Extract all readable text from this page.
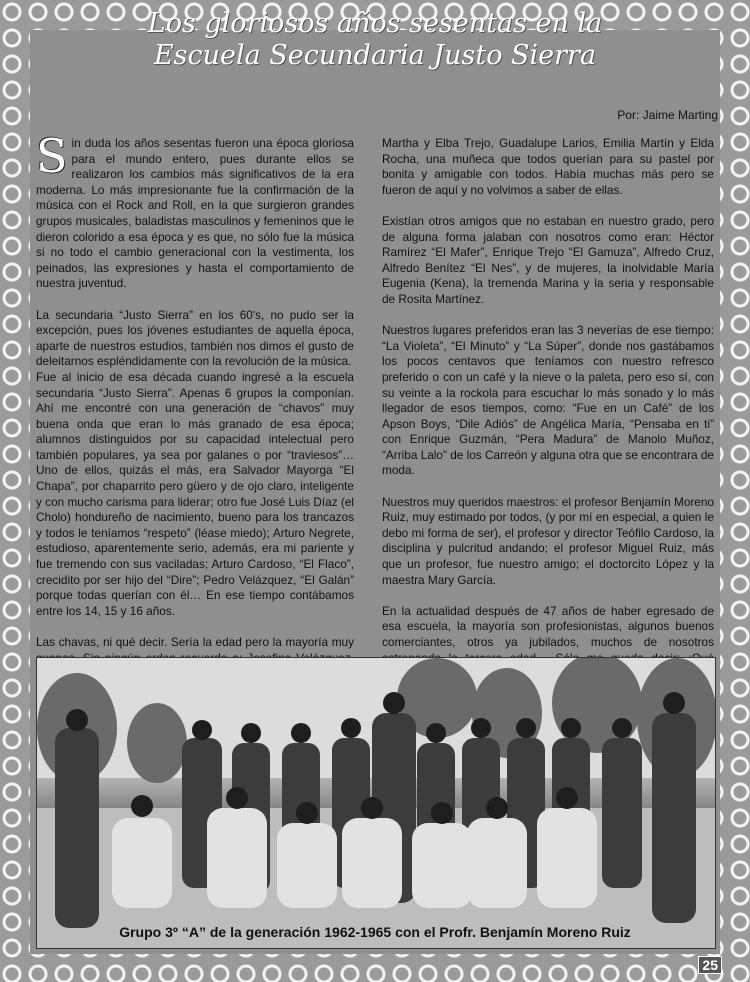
Los gloriosos años sesentas en la
Escuela Secundaria Justo Sierra
Por: Jaime Marting

Sin duda los años sesentas fueron una época gloriosa para el mundo entero, pues durante ellos se realizaron los cambios más significativos de la era moderna. Lo más impresionante fue la confirmación de la música con el Rock and Roll, en la que surgieron grandes grupos musicales, baladistas masculinos y femeninos que le dieron colorido a esa época y es que, no sólo fue la música si no todo el cambio generacional con la vestimenta, los peinados, las expresiones y hasta el comportamiento de nuestra juventud.

La secundaria “Justo Sierra” en los 60's, no pudo ser la excepción, pues los jóvenes estudiantes de aquella época, aparte de nuestros estudios, también nos dimos el gusto de deleitarnos espléndidamente con la revolución de la música.

Fue al inicio de esa década cuando ingresé a la escuela secundaria “Justo Sierra”. Apenas 6 grupos la componían. Ahí me encontré con una generación de “chavos” muy buena onda que eran lo más granado de esa época; alumnos distinguidos por su capacidad intelectual pero también populares, ya sea por galanes o por “traviesos”… Uno de ellos, quizás el más, era Salvador Mayorga “El Chapa”, por chaparrito pero güero y de ojo claro, inteligente y con mucho carisma para liderar; otro fue José Luis Díaz (el Cholo) hondureño de nacimiento, bueno para los trancazos y todos le teníamos “respeto” (léase miedo); Arturo Negrete, estudioso, aparentemente serio, además, era mi pariente y fue tremendo con sus vaciladas; Arturo Cardoso, “El Flaco”, crecidito por ser hijo del “Dire”; Pedro Velázquez, “El Galán” porque todas querían con él… En ese tiempo contábamos entre los 14, 15 y 16 años.

Las chavas, ni qué decir. Sería la edad pero la mayoría muy

Martha y Elba Trejo, Guadalupe Larios, Emilia Martín y Elda Rocha, una muñeca que todos querían para su pastel por bonita y amigable con todos. Había muchas más pero se fueron de aquí y no volvimos a saber de ellas.

Existían otros amigos que no estaban en nuestro grado, pero de alguna forma jalaban con nosotros como eran: Héctor Ramírez “El Mafer”, Enrique Trejo “El Gamuza”, Alfredo Cruz, Alfredo Benítez “El Nes”, y de mujeres, la inolvidable María Eugenia (Kena), la tremenda Marina y la seria y responsable de Rosita Martínez.

Nuestros lugares preferidos eran las 3 neverías de ese tiempo: “La Violeta”, “El Minuto” y “La Súper”, donde nos gastábamos los pocos centavos que teníamos con nuestro refresco preferido o con un café y la nieve o la paleta, pero eso sí, con su veinte a la rockola para escuchar lo más sonado y lo más llegador de esos tiempos, como: “Fue en un Café” de los Apson Boys, “Dile Adiós” de Angélica María, “Pensaba en ti” con Enrique Guzmán, “Pera Madura” de Manolo Muñoz, “Arriba Lalo” de los Carreón y alguna otra que se encontrara de moda.

Nuestros muy queridos maestros: el profesor Benjamín Moreno Ruiz, muy estimado por todos, (y por mí en especial, a quien le debo mi forma de ser), el profesor y director Teófilo Cardoso, la disciplina y pulcritud andando; el profesor Miguel Ruiz, más que un profesor, fue nuestro amigo; el doctorcito López y la maestra Mary García.

En la actualidad después de 47 años de haber egresado de esa escuela, la mayoría son profesionistas, algunos buenos comerciantes, otros ya jubilados, muchos de nosotros

Grupo 3º “A” de la generación 1962-1965 con el Profr. Benjamín Moreno Ruiz
25
